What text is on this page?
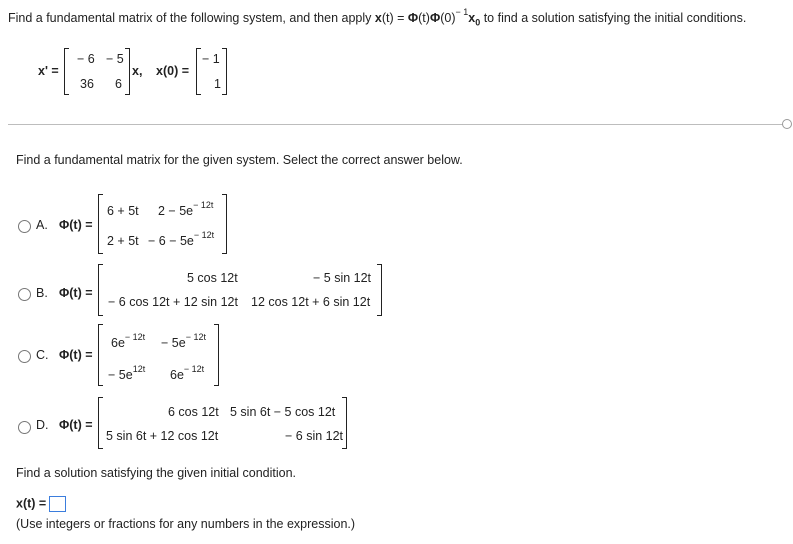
Find a fundamental matrix of the following system, and then apply $x(t) = \Phi(t)\Phi(0)^{- 1}x_0$ to find a solution satisfying the initial conditions.
x' =
− 6 − 5
36 6
x, x(0) =
− 1
1
Find a fundamental matrix for the given system. Select the correct answer below.
A. Φ(t) =
6 + 5t $2 - 5e^{- 12t}$
$2 + 5t - 6 - 5e^{- 12t}$
B. Φ(t) =
5 cos 12t	− 5 sin 12t
− 6 cos 12t + 12 sin 12t 12 cos 12t + 6 sin 12t
C. Φ(t) =
$6e^{- 12t} - 5e^{- 12t}$
− $5e^{12t}$ $6e^{- 12t}$
D. Φ(t) =
6 cos 12t 5 sin 6t − 5 cos 12t
5 sin 6t + 12 cos 12t	− 6 sin 12t
Find a solution satisfying the given initial condition.
x(t) =
(Use integers or fractions for any numbers in the expression.)
